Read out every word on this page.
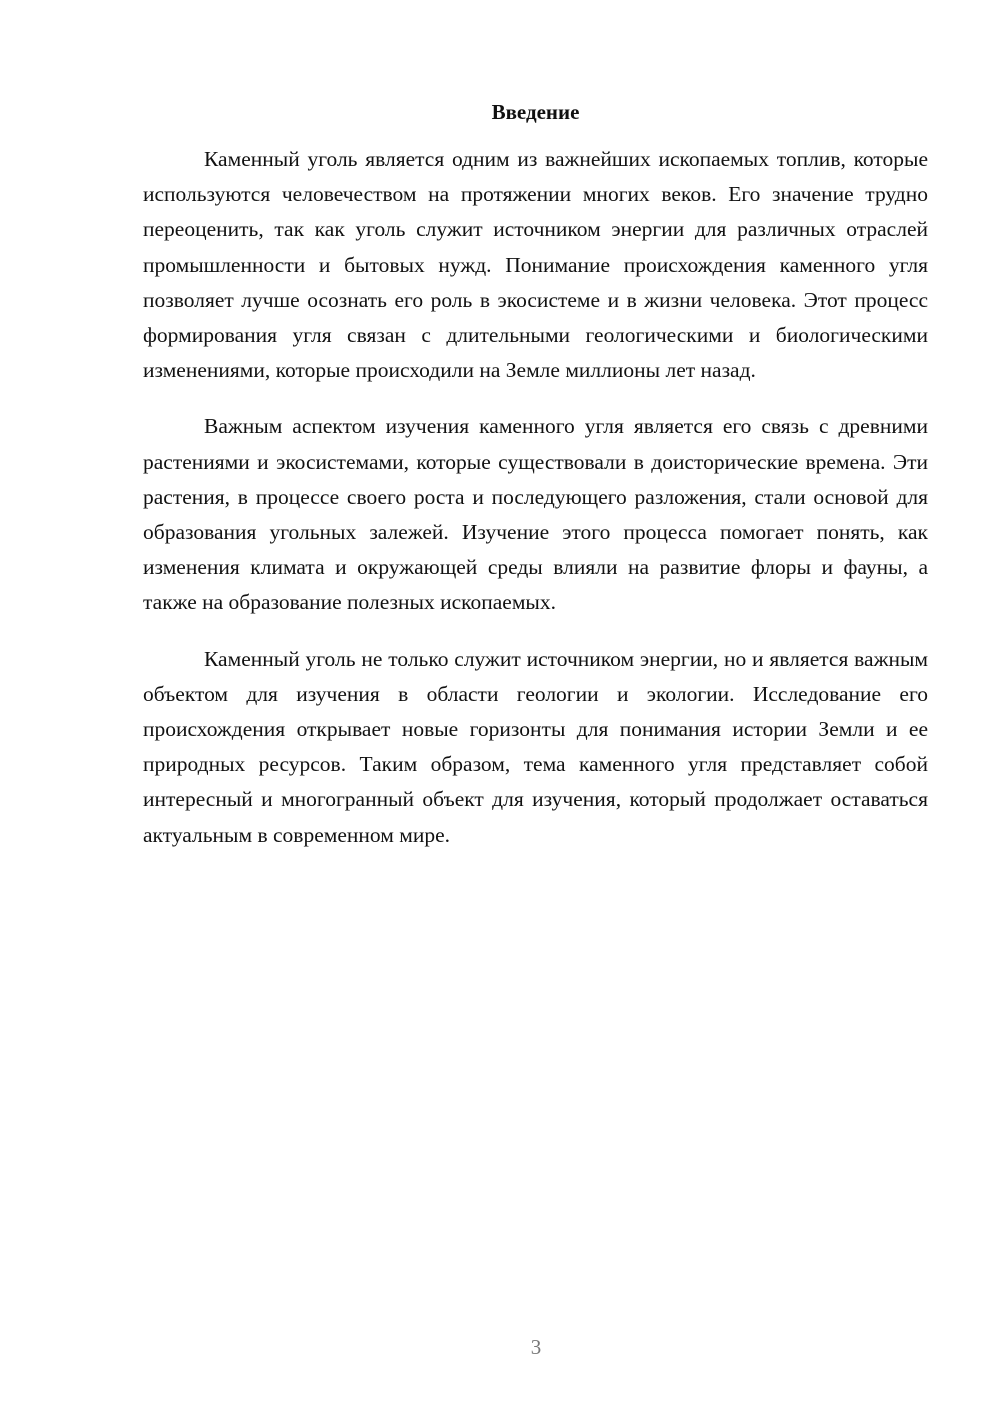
Введение

Каменный уголь является одним из важнейших ископаемых топлив, которые используются человечеством на протяжении многих веков. Его значение трудно переоценить, так как уголь служит источником энергии для различных отраслей промышленности и бытовых нужд. Понимание происхождения каменного угля позволяет лучше осознать его роль в экосистеме и в жизни человека. Этот процесс формирования угля связан с длительными геологическими и биологическими изменениями, которые происходили на Земле миллионы лет назад.

Важным аспектом изучения каменного угля является его связь с древними растениями и экосистемами, которые существовали в доисторические времена. Эти растения, в процессе своего роста и последующего разложения, стали основой для образования угольных залежей. Изучение этого процесса помогает понять, как изменения климата и окружающей среды влияли на развитие флоры и фауны, а также на образование полезных ископаемых.

Каменный уголь не только служит источником энергии, но и является важным объектом для изучения в области геологии и экологии. Исследование его происхождения открывает новые горизонты для понимания истории Земли и ее природных ресурсов. Таким образом, тема каменного угля представляет собой интересный и многогранный объект для изучения, который продолжает оставаться актуальным в современном мире.

3
